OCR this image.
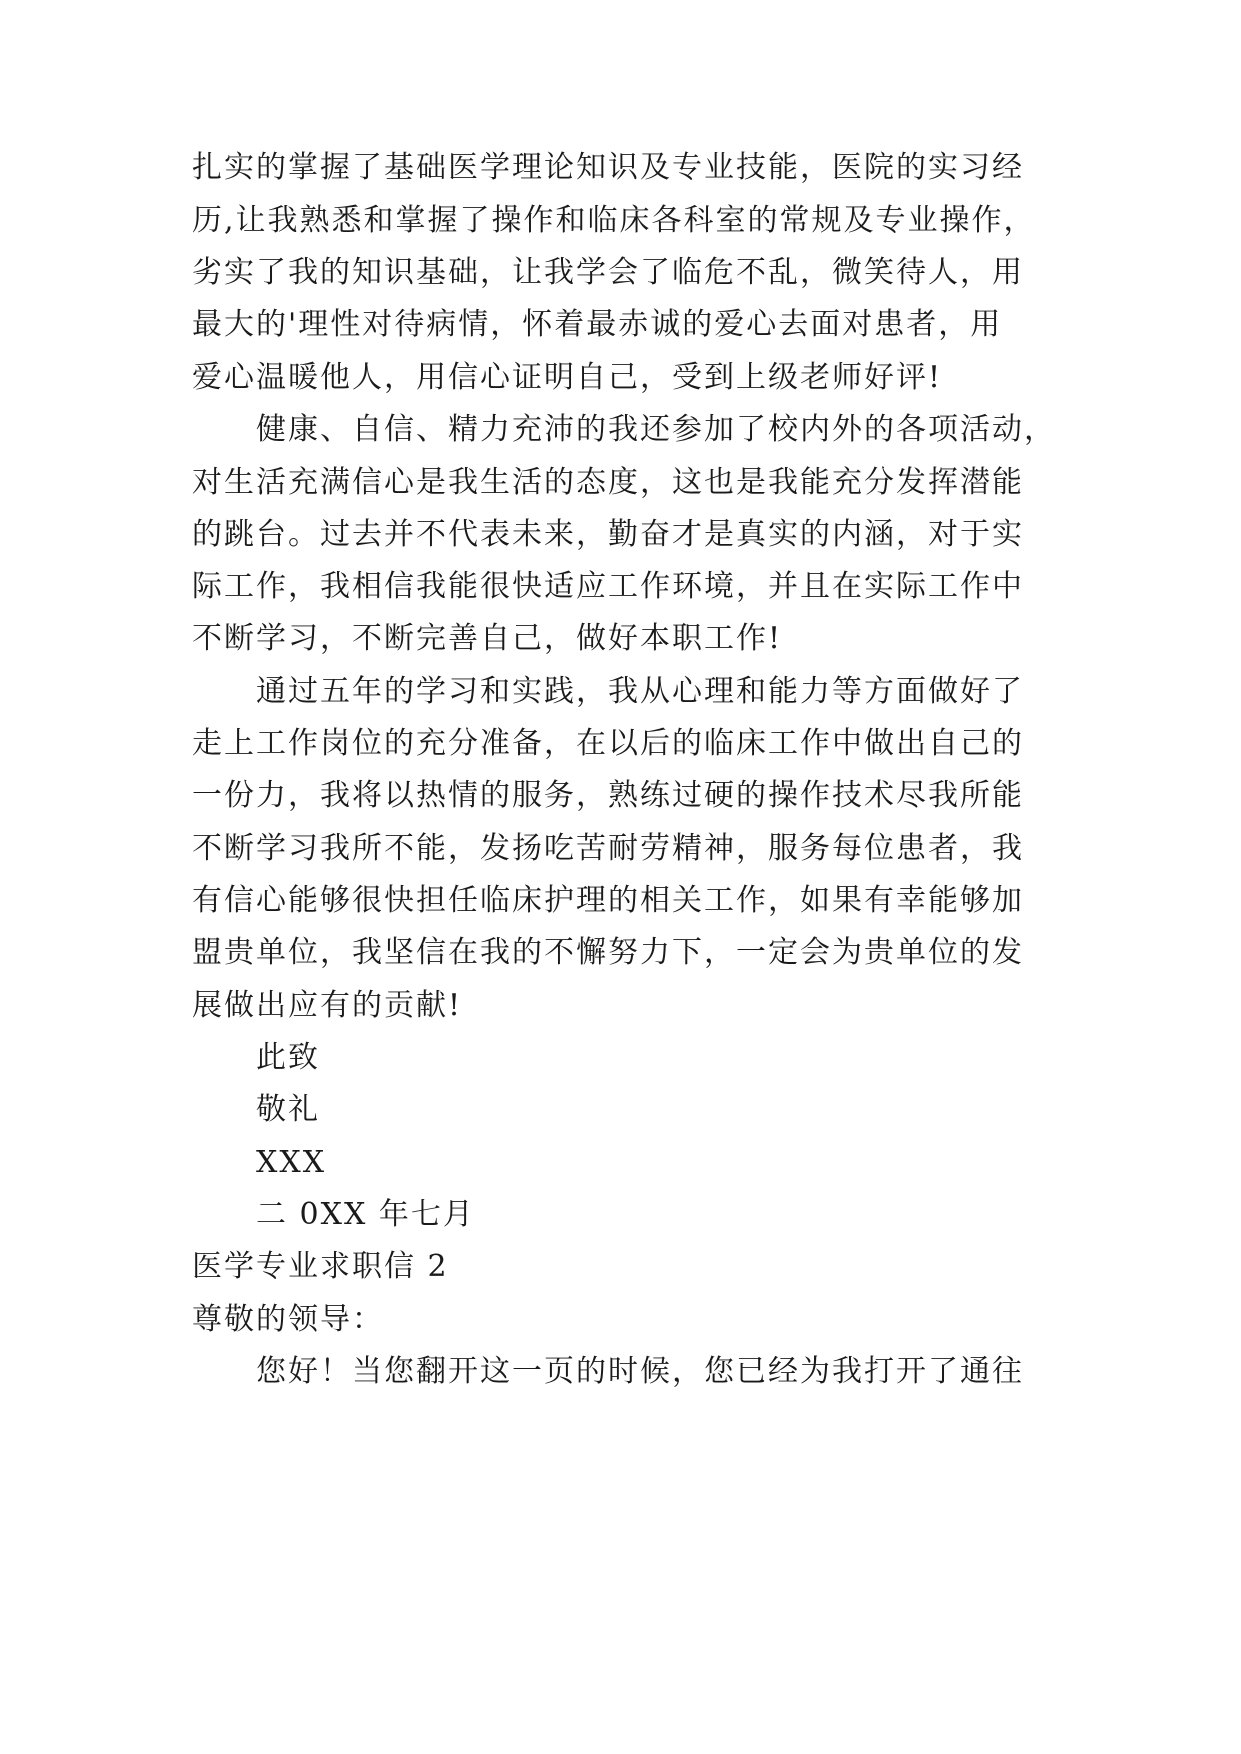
扎实的掌握了基础医学理论知识及专业技能，医院的实习经
历,让我熟悉和掌握了操作和临床各科室的常规及专业操作，
劣实了我的知识基础，让我学会了临危不乱，微笑待人，用
最大的'理性对待病情，怀着最赤诚的爱心去面对患者，用
爱心温暖他人，用信心证明自己，受到上级老师好评!
健康、自信、精力充沛的我还参加了校内外的各项活动，
对生活充满信心是我生活的态度，这也是我能充分发挥潜能
的跳台。过去并不代表未来，勤奋才是真实的内涵，对于实
际工作，我相信我能很快适应工作环境，并且在实际工作中
不断学习，不断完善自己，做好本职工作!
通过五年的学习和实践，我从心理和能力等方面做好了
走上工作岗位的充分准备，在以后的临床工作中做出自己的
一份力，我将以热情的服务，熟练过硬的操作技术尽我所能
不断学习我所不能，发扬吃苦耐劳精神，服务每位患者，我
有信心能够很快担任临床护理的相关工作，如果有幸能够加
盟贵单位，我坚信在我的不懈努力下，一定会为贵单位的发
展做出应有的贡献!
此致
敬礼
XXX
二 0XX 年七月
医学专业求职信 2
尊敬的领导：
您好！当您翻开这一页的时候，您已经为我打开了通往
